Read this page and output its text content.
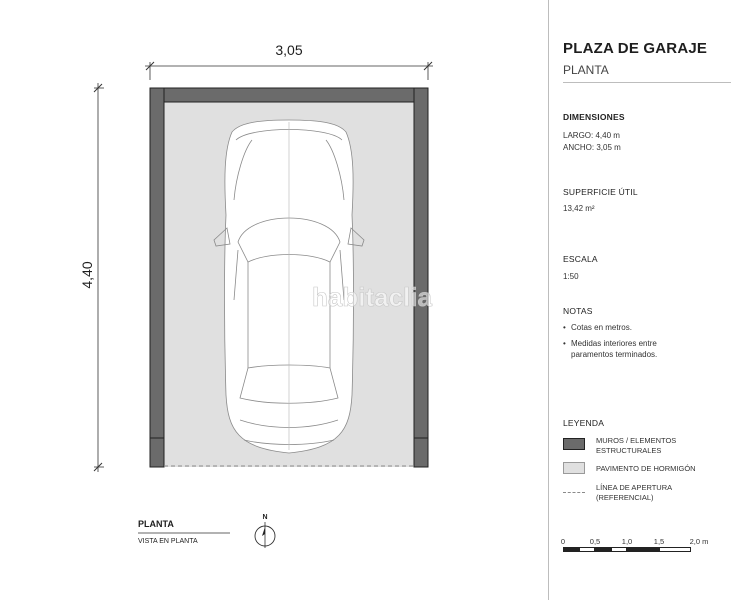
3,05
4,40
habitaclia
PLANTA
VISTA EN PLANTA
N
PLAZA DE GARAJE
PLANTA
DIMENSIONES
LARGO: 4,40 m
ANCHO: 3,05 m
SUPERFICIE ÚTIL
13,42 m²
ESCALA
1:50
NOTAS
• Cotas en metros.
• Medidas interiores entre paramentos terminados.
LEYENDA
MUROS / ELEMENTOS ESTRUCTURALES
PAVIMENTO DE HORMIGÓN
LÍNEA DE APERTURA (REFERENCIAL)
0	0,5	1,0	1,5	2,0 m
